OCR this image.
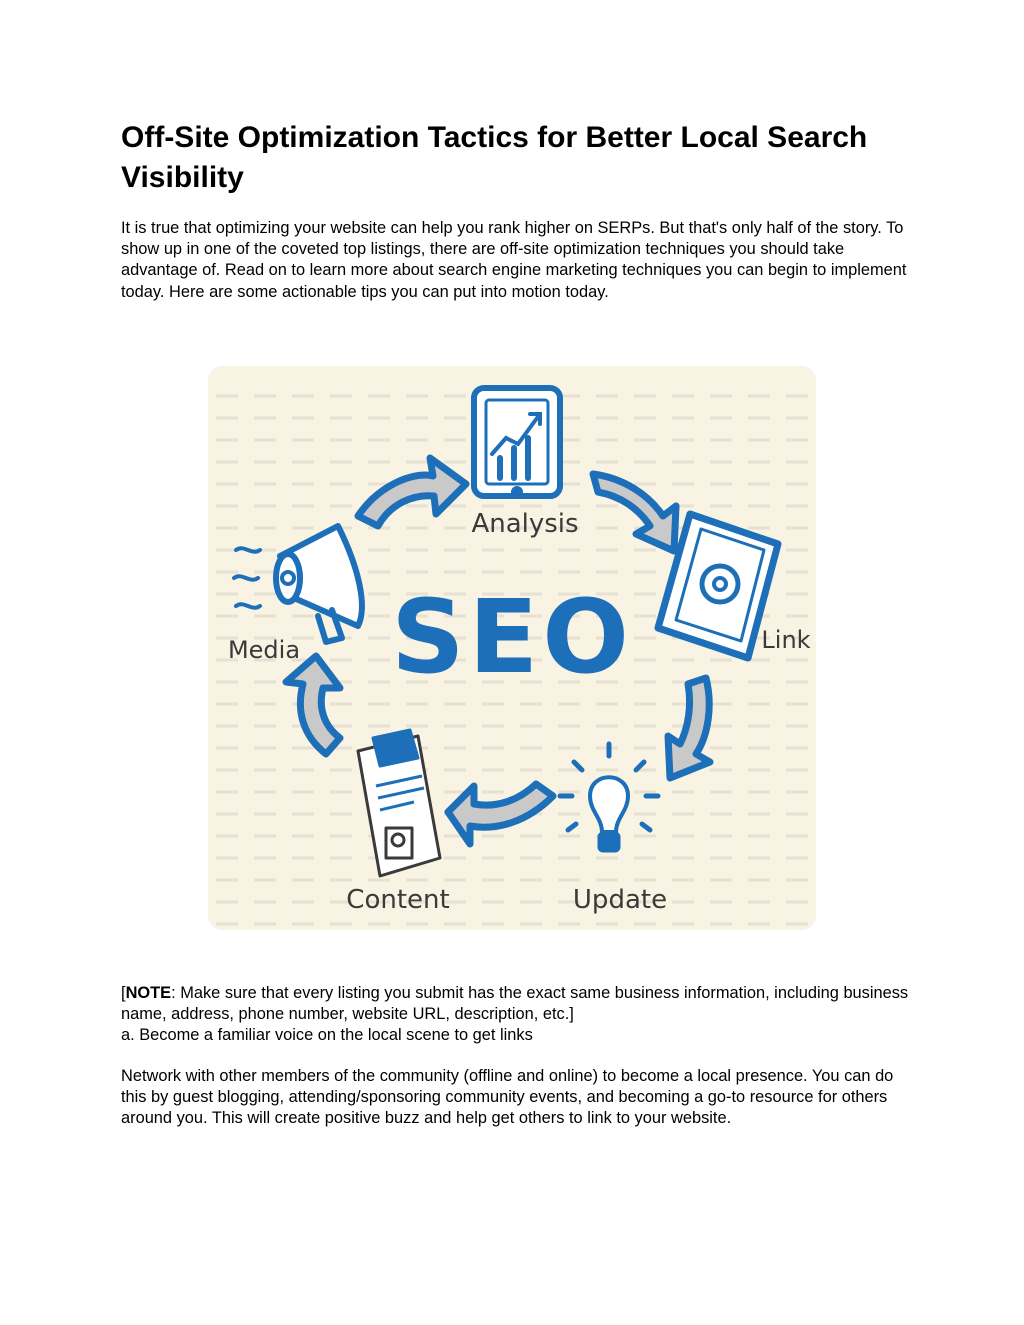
Off-Site Optimization Tactics for Better Local Search Visibility

It is true that optimizing your website can help you rank higher on SERPs. But that's only half of the story. To show up in one of the coveted top listings, there are off-site optimization techniques you should take advantage of. Read on to learn more about search engine marketing techniques you can begin to implement today. Here are some actionable tips you can put into motion today.

SEO
Analysis
Link
Update
Content
Media

[NOTE: Make sure that every listing you submit has the exact same business information, including business name, address, phone number, website URL, description, etc.]
a. Become a familiar voice on the local scene to get links

Network with other members of the community (offline and online) to become a local presence. You can do this by guest blogging, attending/sponsoring community events, and becoming a go-to resource for others around you. This will create positive buzz and help get others to link to your website.
